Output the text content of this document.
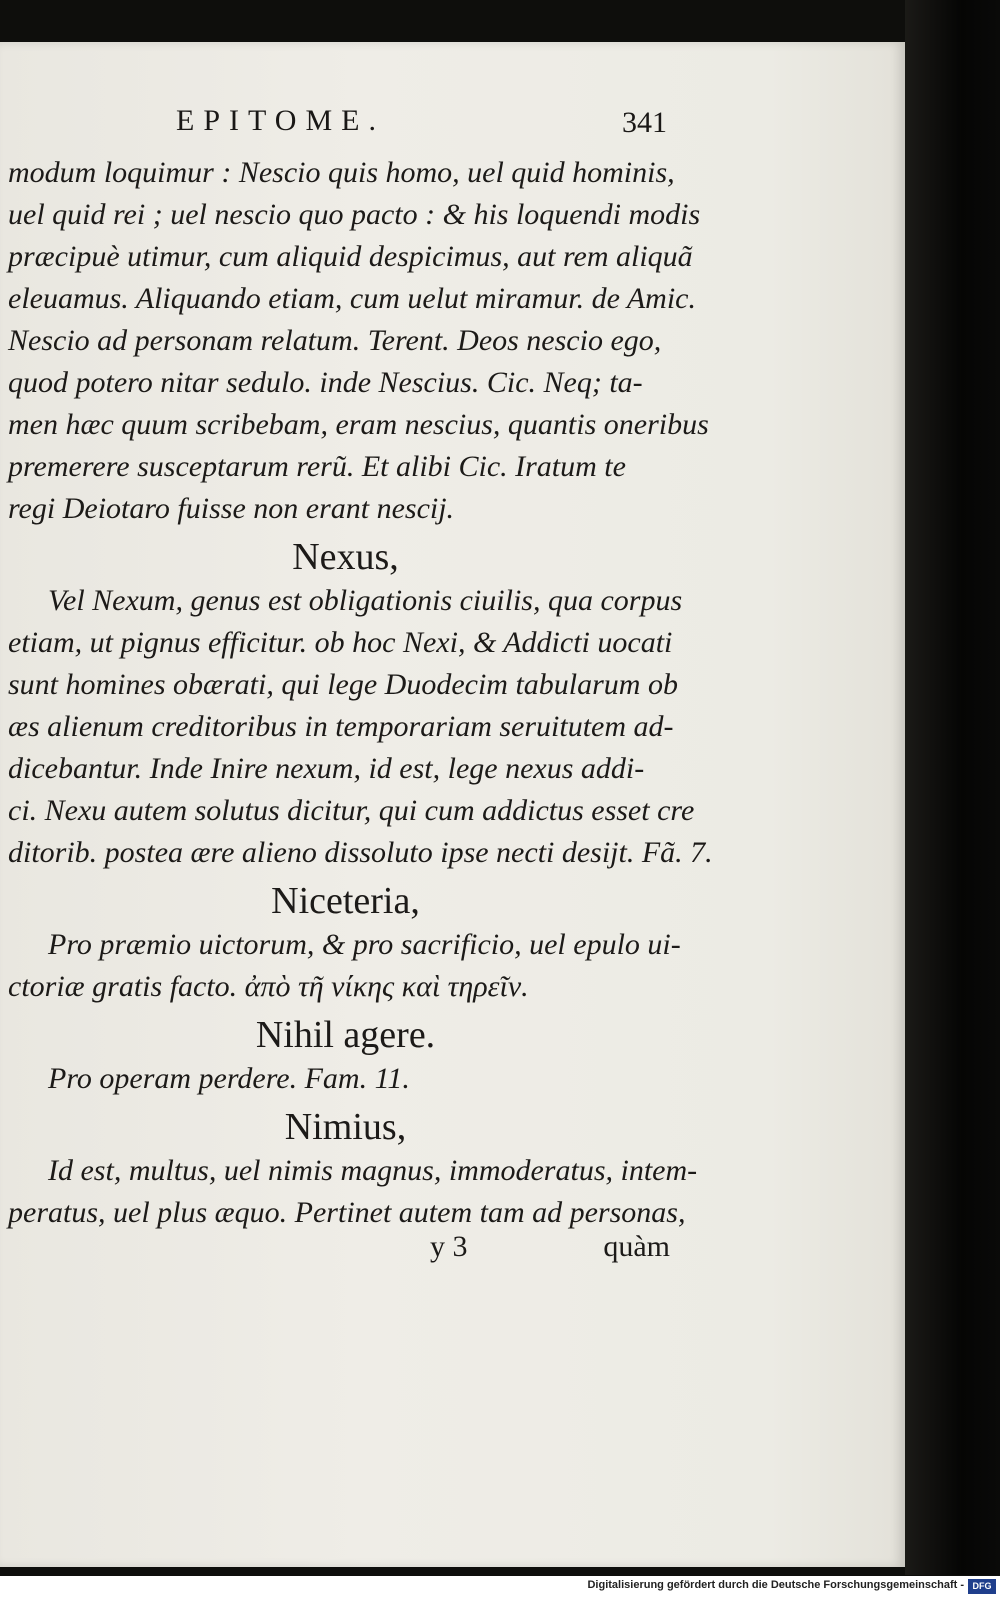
EPITOME.	341
modum loquimur : Nescio quis homo, uel quid hominis,
uel quid rei ; uel nescio quo pacto : & his loquendi modis
præcipuè utimur, cum aliquid despicimus, aut rem aliquã
eleuamus. Aliquando etiam, cum uelut miramur. de Amic.
Nescio ad personam relatum. Terent. Deos nescio ego,
quod potero nitar sedulo. inde Nescius. Cic. Neq; ta-
men hæc quum scribebam, eram nescius, quantis oneribus
premerere susceptarum rerũ. Et alibi Cic. Iratum te
regi Deiotaro fuisse non erant nescij.
Nexus,
Vel Nexum, genus est obligationis ciuilis, qua corpus
etiam, ut pignus efficitur. ob hoc Nexi, & Addicti uocati
sunt homines obærati, qui lege Duodecim tabularum ob
æs alienum creditoribus in temporariam seruitutem ad-
dicebantur. Inde Inire nexum, id est, lege nexus addi-
ci. Nexu autem solutus dicitur, qui cum addictus esset cre
ditorib. postea ære alieno dissoluto ipse necti desijt. Fã. 7.
Niceteria,
Pro præmio uictorum, & pro sacrificio, uel epulo ui-
ctoriæ gratis facto. ἀπὸ τῆ νίκης καὶ τηρεῖν.
Nihil agere.
Pro operam perdere. Fam. 11.
Nimius,
Id est, multus, uel nimis magnus, immoderatus, intem-
peratus, uel plus æquo. Pertinet autem tam ad personas,
y 3	quàm
Digitalisierung gefördert durch die Deutsche Forschungsgemeinschaft - DFG
